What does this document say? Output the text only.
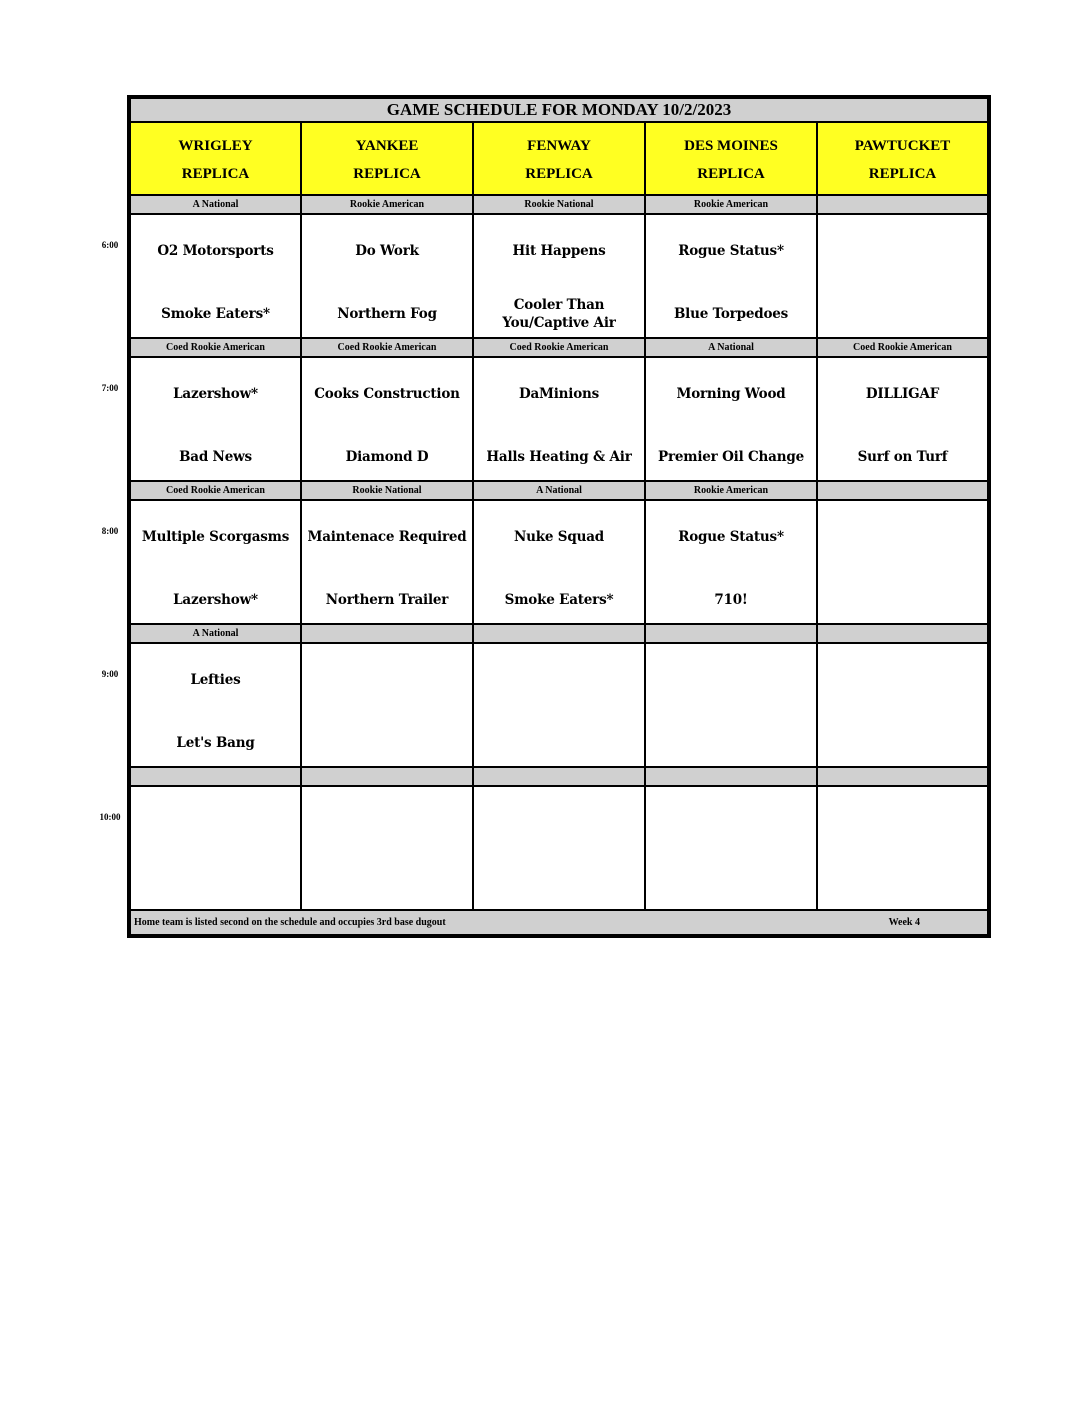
GAME SCHEDULE FOR MONDAY 10/2/2023
WRIGLEY
REPLICA
YANKEE
REPLICA
FENWAY
REPLICA
DES MOINES
REPLICA
PAWTUCKET
REPLICA
A National
O2 Motorsports
Smoke Eaters*
Rookie American
Do Work
Northern Fog
Rookie National
Hit Happens
Cooler Than You/Captive Air
Rookie American
Rogue Status*
Blue Torpedoes
Coed Rookie American
Lazershow*
Bad News
Coed Rookie American
Cooks Construction
Diamond D
Coed Rookie American
DaMinions
Halls Heating & Air
A National
Morning Wood
Premier Oil Change
Coed Rookie American
DILLIGAF
Surf on Turf
Coed Rookie American
Multiple Scorgasms
Lazershow*
Rookie National
Maintenace Required
Northern Trailer
A National
Nuke Squad
Smoke Eaters*
Rookie American
Rogue Status*
710!
A National
Lefties
Let's Bang
Home team is listed second on the schedule and occupies 3rd base dugout	Week 4
6:00
7:00
8:00
9:00
10:00
